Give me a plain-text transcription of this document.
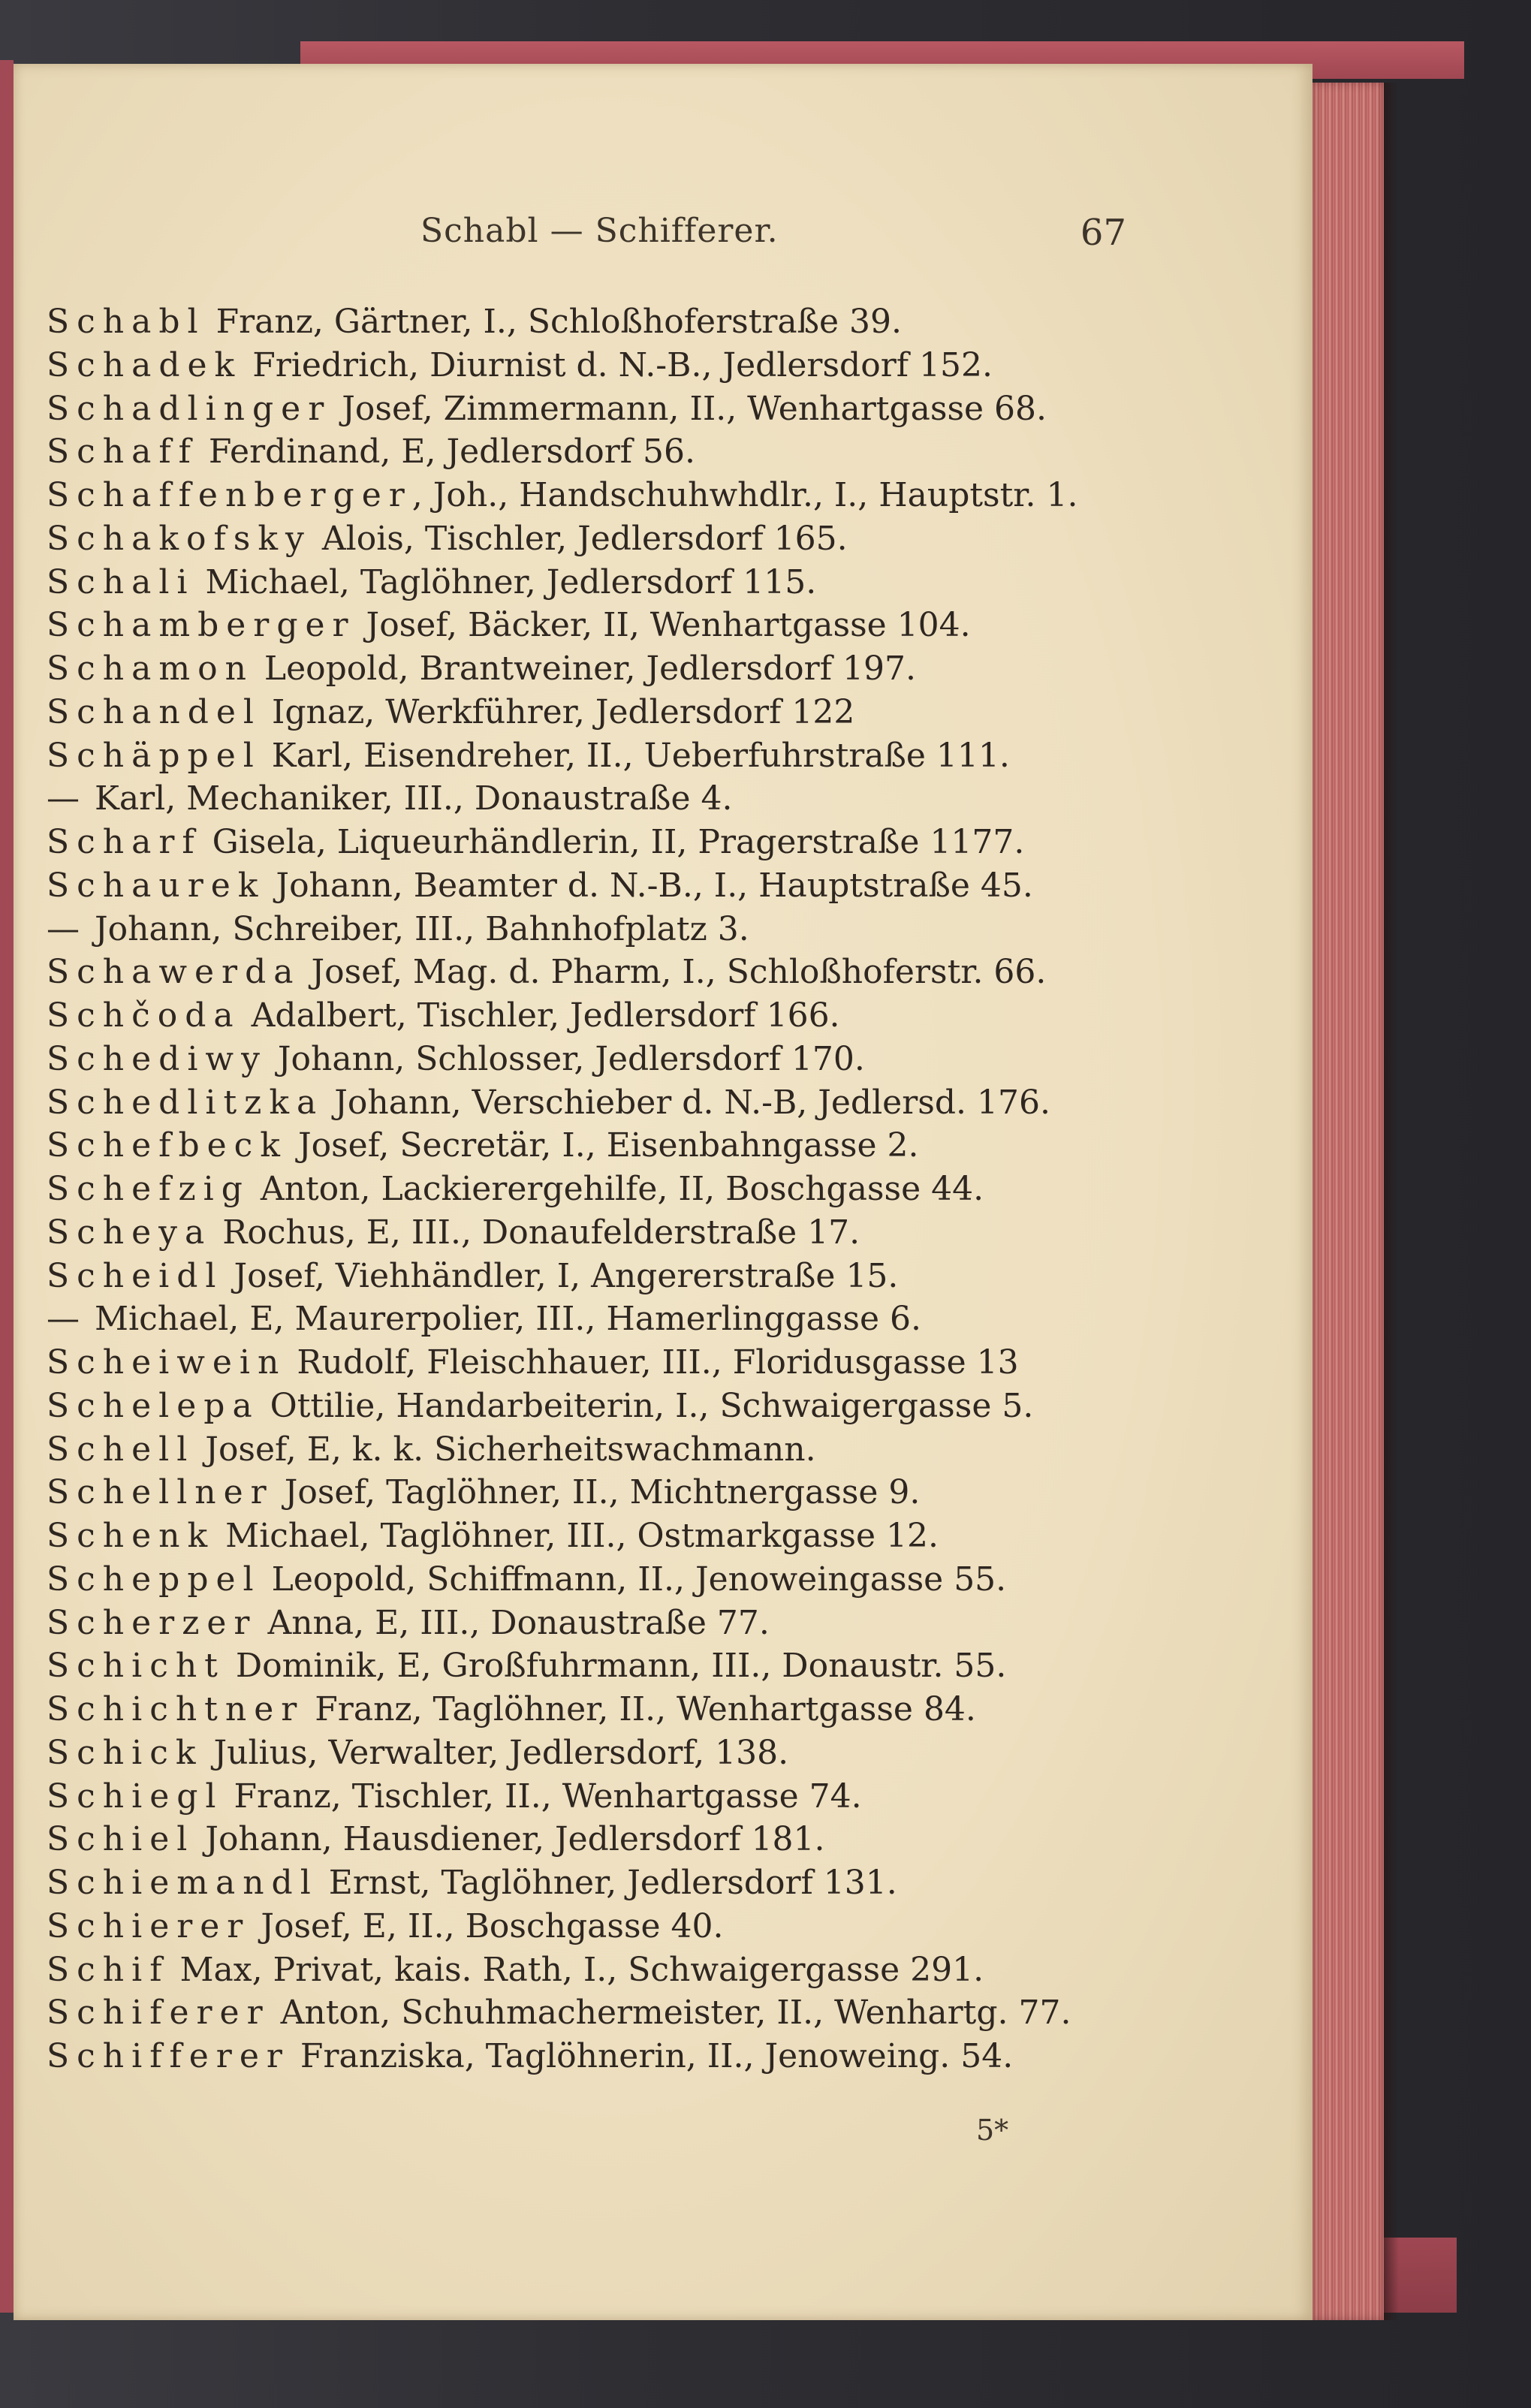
Schabl — Schifferer.	67
Schabl Franz, Gärtner, I., Schloßhoferstraße 39.
Schadek Friedrich, Diurnist d. N.-B., Jedlersdorf 152.
Schadlinger Josef, Zimmermann, II., Wenhartgasse 68.
Schaff Ferdinand, E, Jedlersdorf 56.
Schaffenberger, Joh., Handschuhwhdlr., I., Hauptstr. 1.
Schakofsky Alois, Tischler, Jedlersdorf 165.
Schali Michael, Taglöhner, Jedlersdorf 115.
Schamberger Josef, Bäcker, II, Wenhartgasse 104.
Schamon Leopold, Brantweiner, Jedlersdorf 197.
Schandel Ignaz, Werkführer, Jedlersdorf 122
Schäppel Karl, Eisendreher, II., Ueberfuhrstraße 111.
— Karl, Mechaniker, III., Donaustraße 4.
Scharf Gisela, Liqueurhändlerin, II, Pragerstraße 1177.
Schaurek Johann, Beamter d. N.-B., I., Hauptstraße 45.
— Johann, Schreiber, III., Bahnhofplatz 3.
Schawerda Josef, Mag. d. Pharm, I., Schloßhoferstr. 66.
Schčoda Adalbert, Tischler, Jedlersdorf 166.
Schediwy Johann, Schlosser, Jedlersdorf 170.
Schedlitzka Johann, Verschieber d. N.-B, Jedlersd. 176.
Schefbeck Josef, Secretär, I., Eisenbahngasse 2.
Schefzig Anton, Lackierergehilfe, II, Boschgasse 44.
Scheya Rochus, E, III., Donaufelderstraße 17.
Scheidl Josef, Viehhändler, I, Angererstraße 15.
— Michael, E, Maurerpolier, III., Hamerlinggasse 6.
Scheiwein Rudolf, Fleischhauer, III., Floridusgasse 13
Schelepa Ottilie, Handarbeiterin, I., Schwaigergasse 5.
Schell Josef, E, k. k. Sicherheitswachmann.
Schellner Josef, Taglöhner, II., Michtnergasse 9.
Schenk Michael, Taglöhner, III., Ostmarkgasse 12.
Scheppel Leopold, Schiffmann, II., Jenoweingasse 55.
Scherzer Anna, E, III., Donaustraße 77.
Schicht Dominik, E, Großfuhrmann, III., Donaustr. 55.
Schichtner Franz, Taglöhner, II., Wenhartgasse 84.
Schick Julius, Verwalter, Jedlersdorf, 138.
Schiegl Franz, Tischler, II., Wenhartgasse 74.
Schiel Johann, Hausdiener, Jedlersdorf 181.
Schiemandl Ernst, Taglöhner, Jedlersdorf 131.
Schierer Josef, E, II., Boschgasse 40.
Schif Max, Privat, kais. Rath, I., Schwaigergasse 291.
Schiferer Anton, Schuhmachermeister, II., Wenhartg. 77.
Schifferer Franziska, Taglöhnerin, II., Jenoweing. 54.
5*
